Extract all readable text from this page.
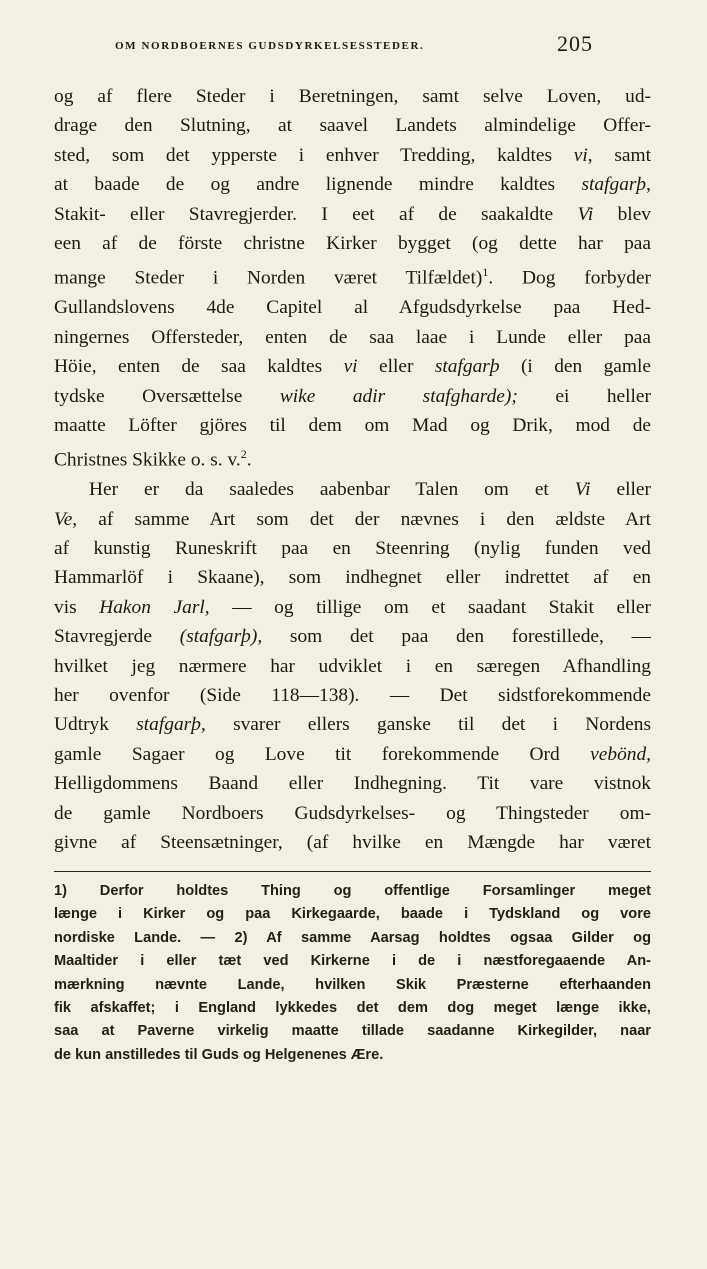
OM NORDBOERNES GUDSDYRKELSESSTEDER.	205

og af flere Steder i Beretningen, samt selve Loven, ud-
drage den Slutning, at saavel Landets almindelige Offer-
sted, som det ypperste i enhver Tredding, kaldtes vi, samt
at baade de og andre lignende mindre kaldtes stafgarþ,
Stakit- eller Stavregjerder. I eet af de saakaldte Vi blev
een af de förste christne Kirker bygget (og dette har paa
mange Steder i Norden været Tilfældet)$^1$. Dog forbyder
Gullandslovens 4de Capitel al Afgudsdyrkelse paa Hed-
ningernes Offersteder, enten de saa laae i Lunde eller paa
Höie, enten de saa kaldtes vi eller stafgarþ (i den gamle
tydske Oversættelse wike adir stafgharde); ei heller
maatte Löfter gjöres til dem om Mad og Drik, mod de
Christnes Skikke o. s. v.$^2$.

Her er da saaledes aabenbar Talen om et Vi eller

Ve, af samme Art som det der nævnes i den ældste Art
af kunstig Runeskrift paa en Steenring (nylig funden ved
Hammarlöf i Skaane), som indhegnet eller indrettet af en
vis Hakon Jarl, — og tillige om et saadant Stakit eller
Stavregjerde (stafgarþ), som det paa den forestillede, —
hvilket jeg nærmere har udviklet i en særegen Afhandling
her ovenfor (Side 118—138). — Det sidstforekommende
Udtryk stafgarþ, svarer ellers ganske til det i Nordens
gamle Sagaer og Love tit forekommende Ord vebönd,
Helligdommens Baand eller Indhegning. Tit vare vistnok
de gamle Nordboers Gudsdyrkelses- og Thingsteder om-
givne af Steensætninger, (af hvilke en Mængde har været

1) Derfor holdtes Thing og offentlige Forsamlinger meget
længe i Kirker og paa Kirkegaarde, baade i Tydskland og vore
nordiske Lande. — 2) Af samme Aarsag holdtes ogsaa Gilder og
Maaltider i eller tæt ved Kirkerne i de i næstforegaaende An-
mærkning nævnte Lande, hvilken Skik Præsterne efterhaanden
fik afskaffet; i England lykkedes det dem dog meget længe ikke,
saa at Paverne virkelig maatte tillade saadanne Kirkegilder, naar
de kun anstilledes til Guds og Helgenenes Ære.
